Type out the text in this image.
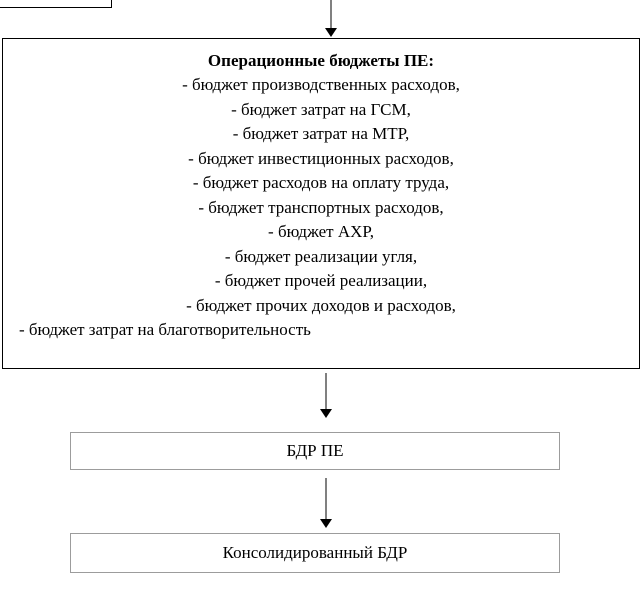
Операционные бюджеты ПЕ:
- бюджет производственных расходов,
- бюджет затрат на ГСМ,
- бюджет затрат на МТР,
- бюджет инвестиционных расходов,
- бюджет расходов на оплату труда,
- бюджет транспортных расходов,
- бюджет АХР,
- бюджет реализации угля,
- бюджет прочей реализации,
- бюджет прочих доходов и расходов,
- бюджет затрат на благотворительность
БДР ПЕ
Консолидированный БДР
